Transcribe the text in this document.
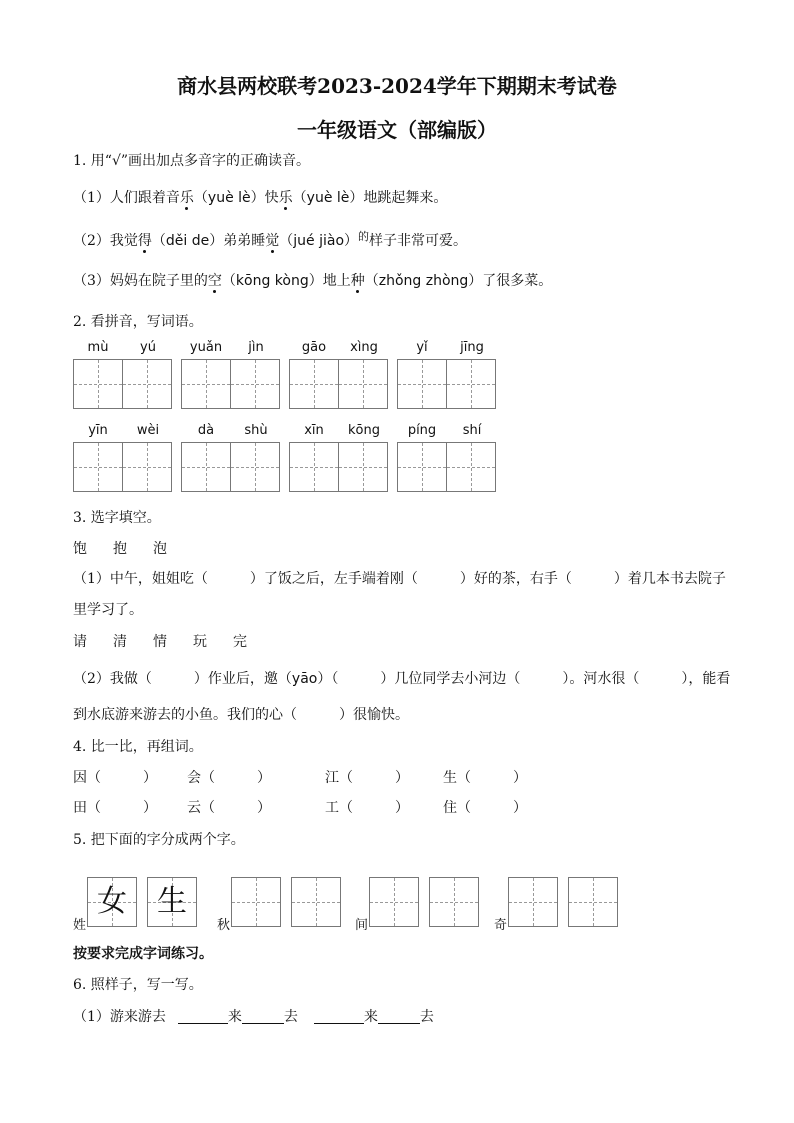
商水县两校联考2023-2024学年下期期末考试卷
一年级语文（部编版）
1. 用“√”画出加点多音字的正确读音。
（1）人们跟着音乐（yuè lè）快乐（yuè lè）地跳起舞来。
（2）我觉得（děi de）弟弟睡觉（jué jiào）$^的$样子非常可爱。
（3）妈妈在院子里的空（kōng kòng）地上种（zhǒng zhòng）了很多菜。
2. 看拼音，写词语。
mù	yú	yuǎn	jìn	gāo	xìng	yǐ	jīng
yīn	wèi	dà	shù	xīn	kōng	píng	shí
3. 选字填空。
饱 抱 泡
（1）中午，姐姐吃（　　　）了饭之后，左手端着刚（　　　）好的茶，右手（　　　）着几本书去院子
里学习了。
请 清 情 玩 完
（2）我做（　　　）作业后，邀（yāo）（　　　）几位同学去小河边（　　　）。河水很（　　　），能看
到水底游来游去的小鱼。我们的心（　　　）很愉快。
4. 比一比，再组词。
因（　　　） 会（　　　）	江（　　　） 生（　　　）
田（　　　） 云（　　　）	工（　　　） 住（　　　）
5. 把下面的字分成两个字。
姓
女	生
秋	间	奇
按要求完成字词练习。
6. 照样子，写一写。
（1）游来游去	来	去	来	去
